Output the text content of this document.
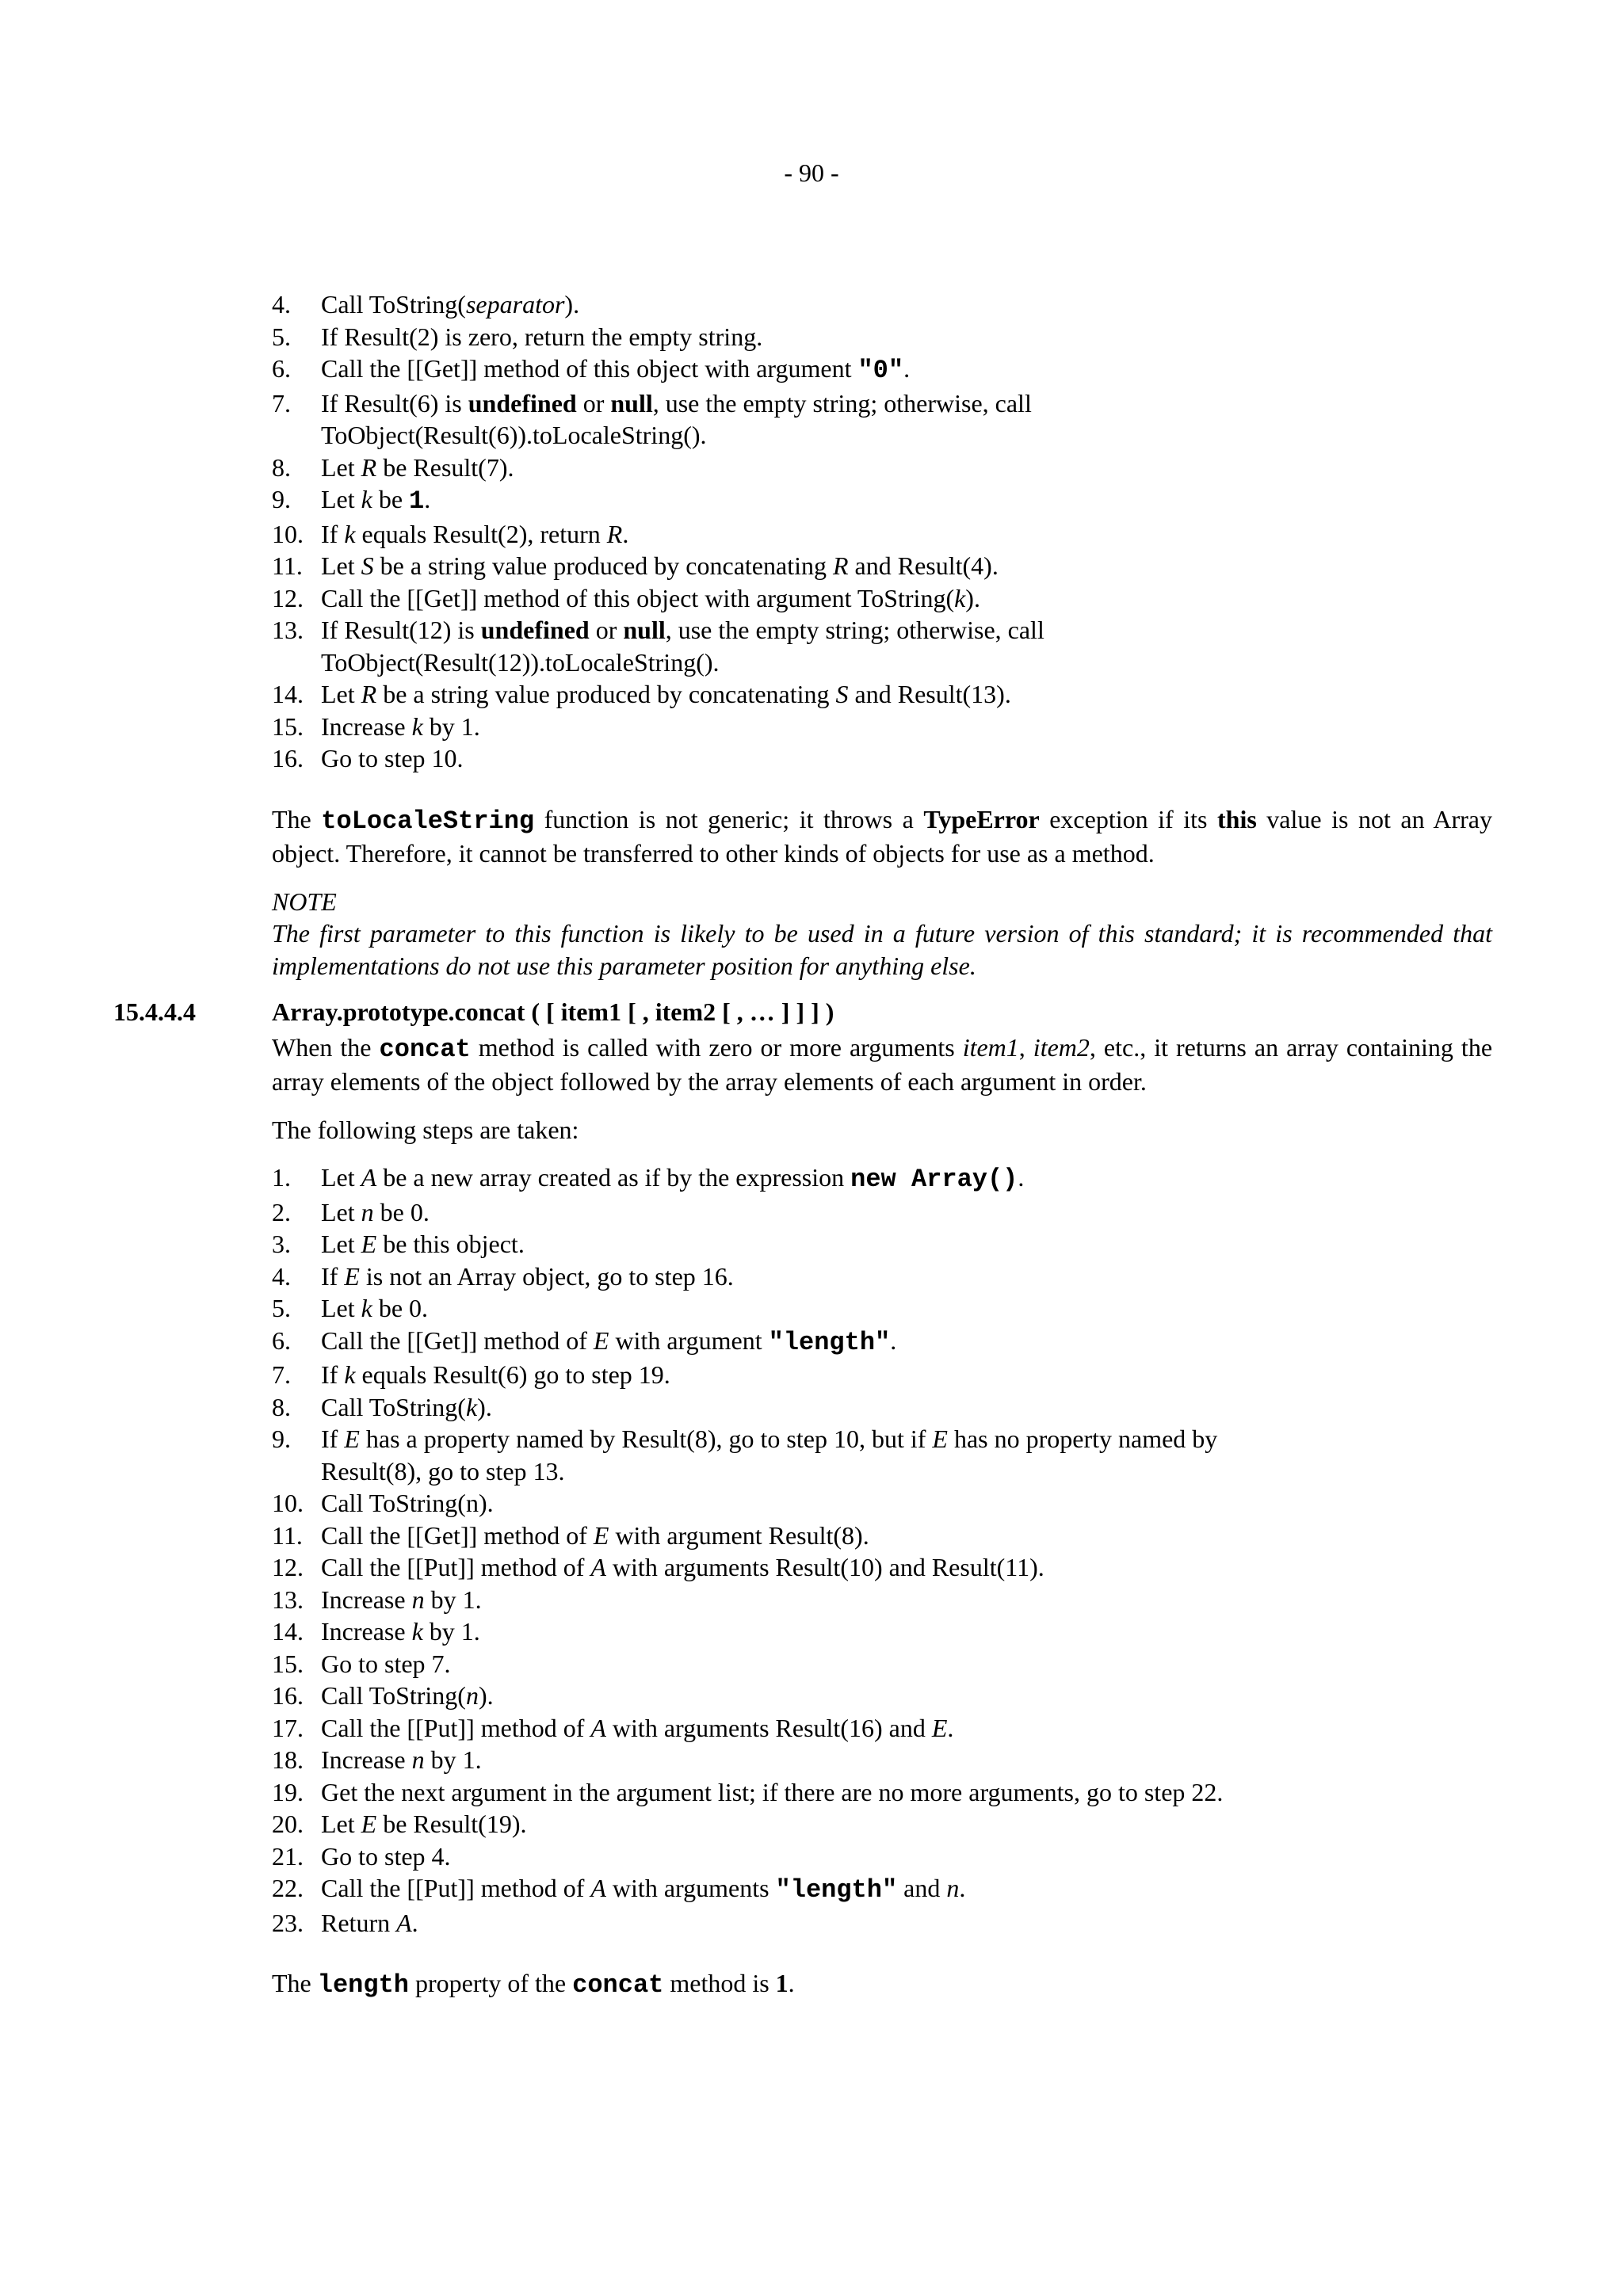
- 90 -
4. Call ToString(separator).
5. If Result(2) is zero, return the empty string.
6. Call the [[Get]] method of this object with argument "0".
7. If Result(6) is undefined or null, use the empty string; otherwise, call
ToObject(Result(6)).toLocaleString().
8. Let R be Result(7).
9. Let k be 1.
10. If k equals Result(2), return R.
11. Let S be a string value produced by concatenating R and Result(4).
12. Call the [[Get]] method of this object with argument ToString(k).
13. If Result(12) is undefined or null, use the empty string; otherwise, call
ToObject(Result(12)).toLocaleString().
14. Let R be a string value produced by concatenating S and Result(13).
15. Increase k by 1.
16. Go to step 10.

The toLocaleString function is not generic; it throws a TypeError exception if its this value is not an Array object. Therefore, it cannot be transferred to other kinds of objects for use as a method.

NOTE

The first parameter to this function is likely to be used in a future version of this standard; it is recommended that implementations do not use this parameter position for anything else.

15.4.4.4	Array.prototype.concat ( [ item1 [ , item2 [ , … ] ] ] )

When the concat method is called with zero or more arguments item1, item2, etc., it returns an array containing the array elements of the object followed by the array elements of each argument in order.

The following steps are taken:

1. Let A be a new array created as if by the expression new Array().
2. Let n be 0.
3. Let E be this object.
4. If E is not an Array object, go to step 16.
5. Let k be 0.
6. Call the [[Get]] method of E with argument "length".
7. If k equals Result(6) go to step 19.
8. Call ToString(k).
9. If E has a property named by Result(8), go to step 10, but if E has no property named by
Result(8), go to step 13.
10. Call ToString(n).
11. Call the [[Get]] method of E with argument Result(8).
12. Call the [[Put]] method of A with arguments Result(10) and Result(11).
13. Increase n by 1.
14. Increase k by 1.
15. Go to step 7.
16. Call ToString(n).
17. Call the [[Put]] method of A with arguments Result(16) and E.
18. Increase n by 1.
19. Get the next argument in the argument list; if there are no more arguments, go to step 22.
20. Let E be Result(19).
21. Go to step 4.
22. Call the [[Put]] method of A with arguments "length" and n.
23. Return A.

The length property of the concat method is 1.
